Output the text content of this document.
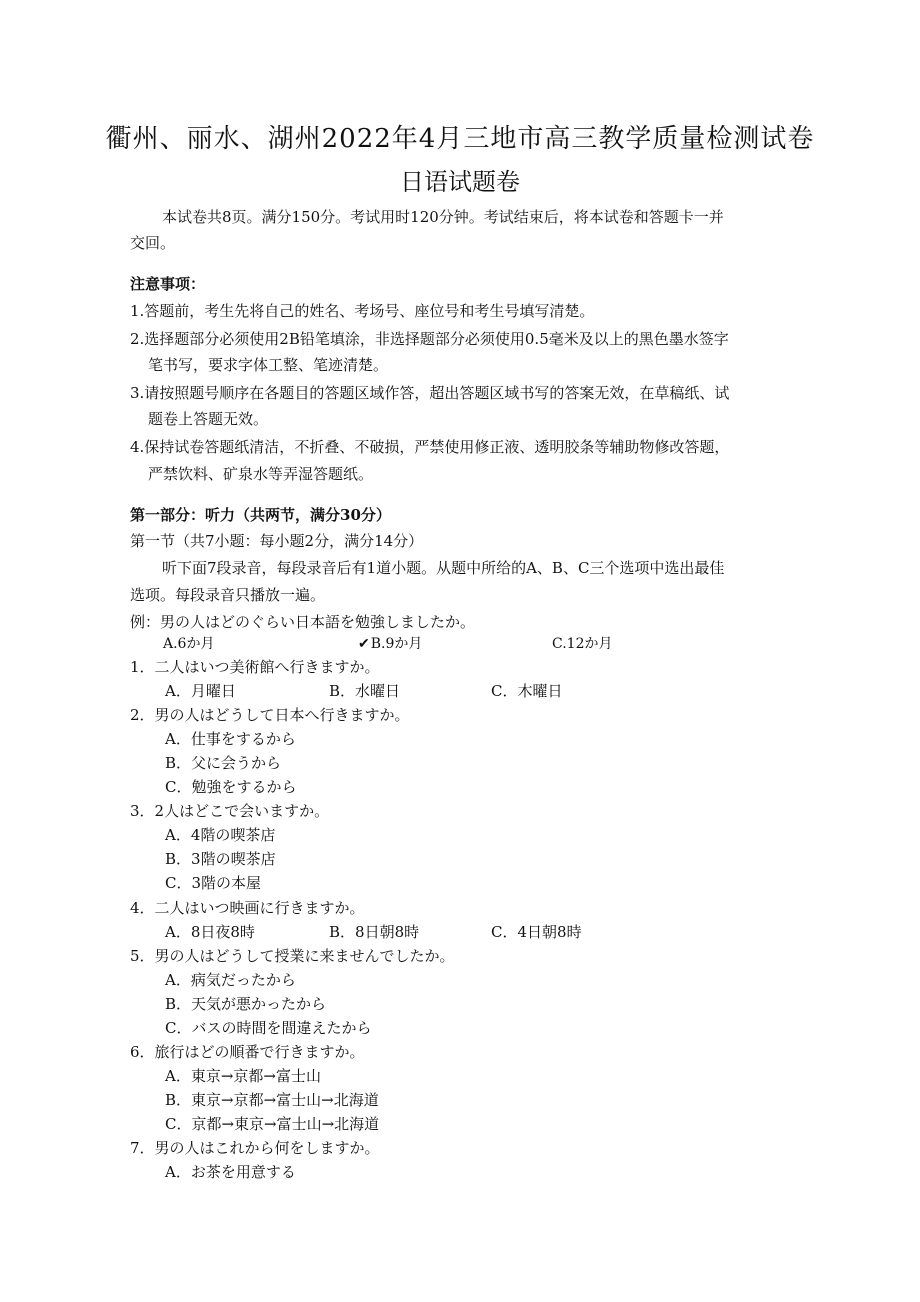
衢州、丽水、湖州2022年4月三地市高三教学质量检测试卷
日语试题卷
本试卷共8页。满分150分。考试用时120分钟。考试结束后，将本试卷和答题卡一并
交回。
注意事项：
1.答题前，考生先将自己的姓名、考场号、座位号和考生号填写清楚。
2.选择题部分必须使用2B铅笔填涂，非选择题部分必须使用0.5毫米及以上的黑色墨水签字
笔书写，要求字体工整、笔迹清楚。
3.请按照题号顺序在各题目的答题区域作答，超出答题区域书写的答案无效，在草稿纸、试
题卷上答题无效。
4.保持试卷答题纸清洁，不折叠、不破损，严禁使用修正液、透明胶条等辅助物修改答题，
严禁饮料、矿泉水等弄湿答题纸。
第一部分：听力（共两节，满分30分）
第一节（共7小题：每小题2分，满分14分）
听下面7段录音，每段录音后有1道小题。从题中所给的A、B、C三个选项中选出最佳
选项。每段录音只播放一遍。
例：男の人はどのぐらい日本語を勉強しましたか。
A.6か月	✔B.9か月	C.12か月
1．二人はいつ美術館へ行きますか。
A．月曜日	B．水曜日	C．木曜日
2．男の人はどうして日本へ行きますか。
A．仕事をするから
B．父に会うから
C．勉強をするから
3．2人はどこで会いますか。
A．4階の喫茶店
B．3階の喫茶店
C．3階の本屋
4．二人はいつ映画に行きますか。
A．8日夜8時	B．8日朝8時	C．4日朝8時
5．男の人はどうして授業に来ませんでしたか。
A．病気だったから
B．天気が悪かったから
C．バスの時間を間違えたから
6．旅行はどの順番で行きますか。
A．東京→京都→富士山
B．東京→京都→富士山→北海道
C．京都→東京→富士山→北海道
7．男の人はこれから何をしますか。
A．お茶を用意する
